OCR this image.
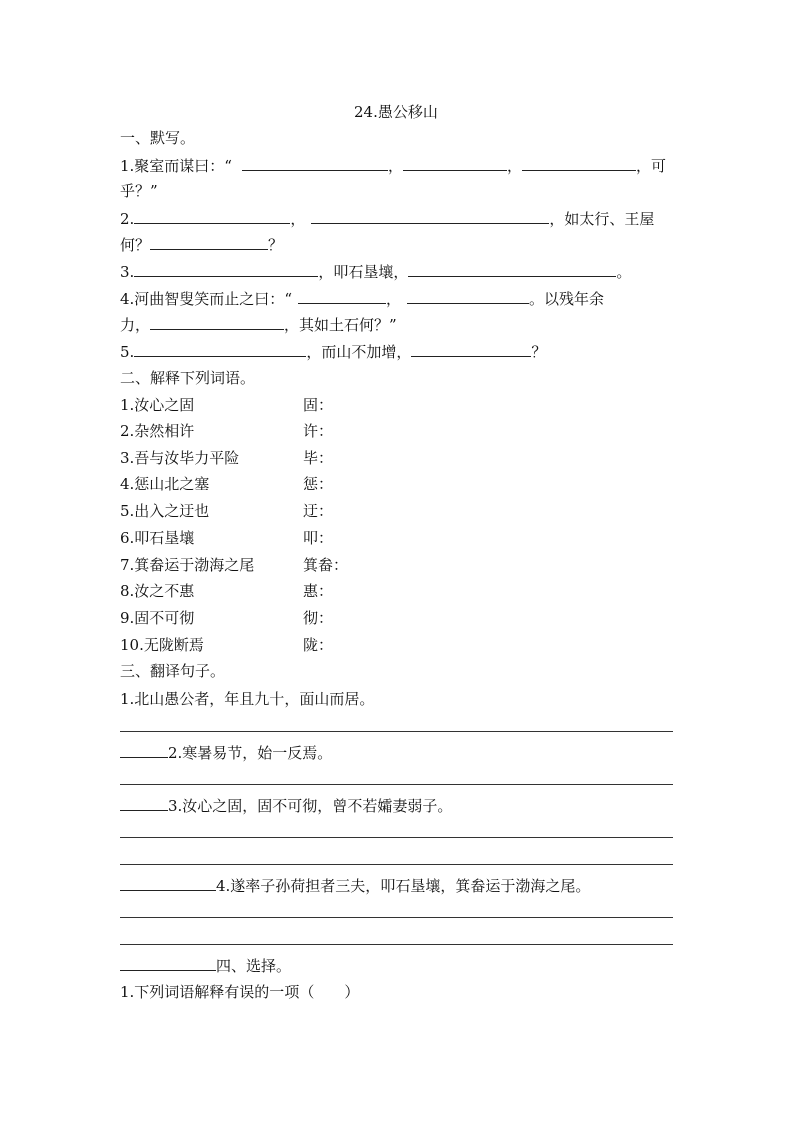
24.愚公移山
一、默写。
1.聚室而谋曰：“	，	，	，可
乎？”
2.	，	，如太行、王屋
何？	？
3.	，叩石垦壤，	。
4.河曲智叟笑而止之曰：“	，	。以残年余
力，	，其如土石何？”
5.	，而山不加增，	？
二、解释下列词语。
1.汝心之固	固：
2.杂然相许	许：
3.吾与汝毕力平险	毕：
4.惩山北之塞	惩：
5.出入之迂也	迂：
6.叩石垦壤	叩：
7.箕畚运于渤海之尾	箕畚：
8.汝之不惠	惠：
9.固不可彻	彻：
10.无陇断焉	陇：
三、翻译句子。
1.北山愚公者，年且九十，面山而居。
2.寒暑易节，始一反焉。
3.汝心之固，固不可彻，曾不若孀妻弱子。
4.遂率子孙荷担者三夫，叩石垦壤，箕畚运于渤海之尾。
四、选择。
1.下列词语解释有误的一项（　　）
